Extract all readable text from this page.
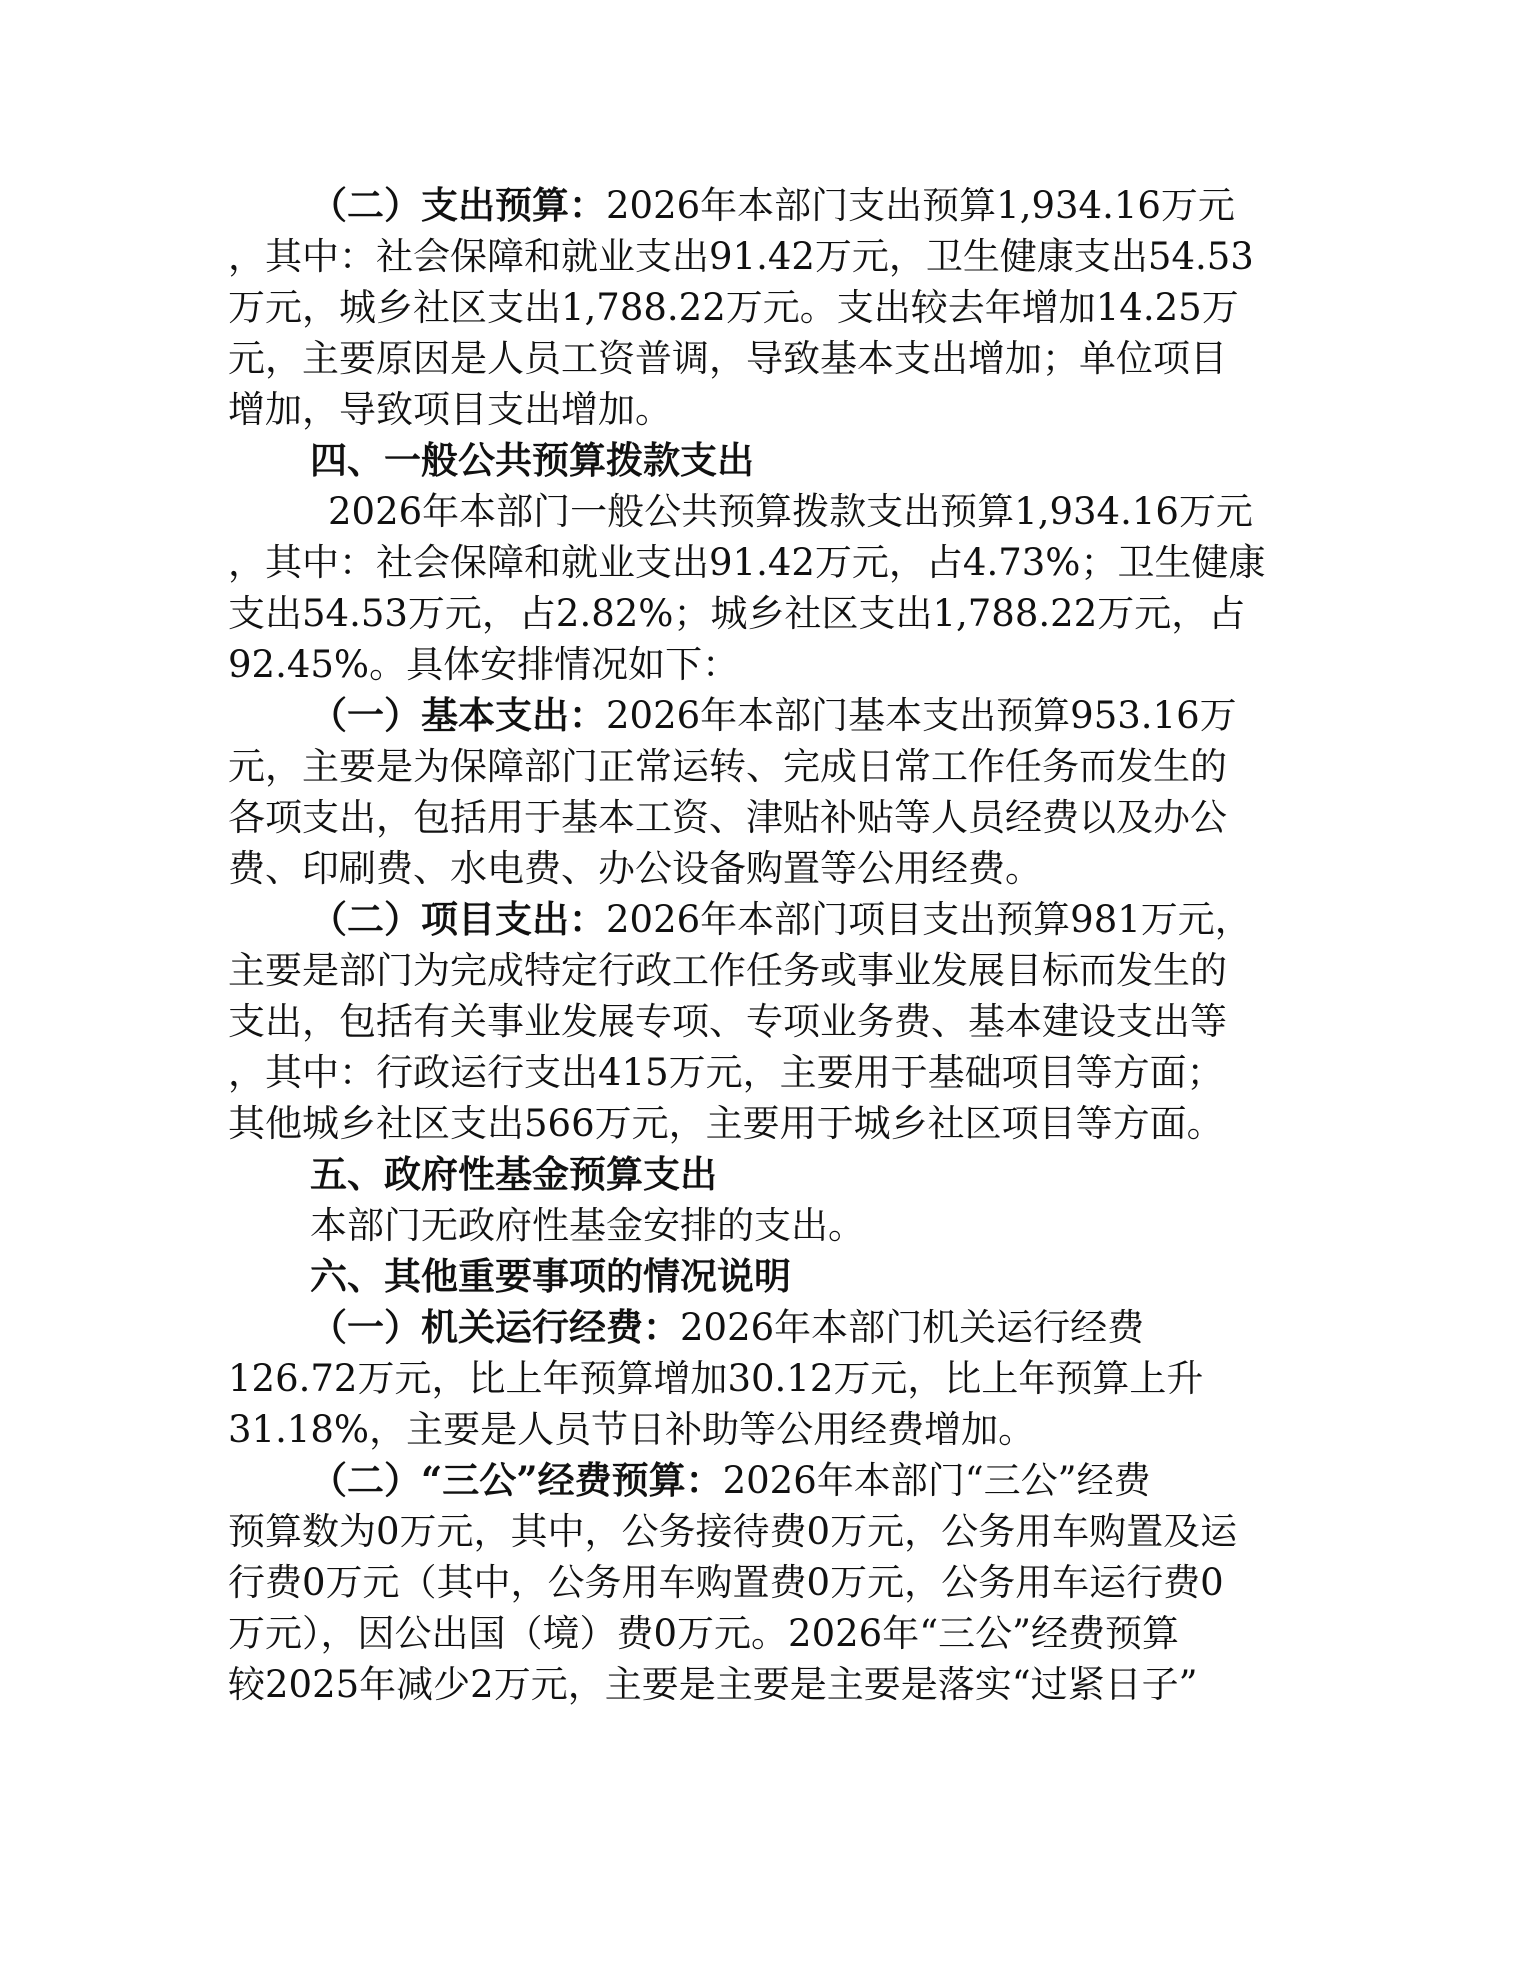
（二）支出预算：2026年本部门支出预算1,934.16万元
，其中：社会保障和就业支出91.42万元，卫生健康支出54.53
万元，城乡社区支出1,788.22万元。支出较去年增加14.25万
元，主要原因是人员工资普调，导致基本支出增加；单位项目
增加，导致项目支出增加。
四、一般公共预算拨款支出
2026年本部门一般公共预算拨款支出预算1,934.16万元
，其中：社会保障和就业支出91.42万元，占4.73%；卫生健康
支出54.53万元，占2.82%；城乡社区支出1,788.22万元，占
92.45%。具体安排情况如下：
（一）基本支出：2026年本部门基本支出预算953.16万
元，主要是为保障部门正常运转、完成日常工作任务而发生的
各项支出，包括用于基本工资、津贴补贴等人员经费以及办公
费、印刷费、水电费、办公设备购置等公用经费。
（二）项目支出：2026年本部门项目支出预算981万元，
主要是部门为完成特定行政工作任务或事业发展目标而发生的
支出，包括有关事业发展专项、专项业务费、基本建设支出等
，其中：行政运行支出415万元，主要用于基础项目等方面；
其他城乡社区支出566万元，主要用于城乡社区项目等方面。
五、政府性基金预算支出
本部门无政府性基金安排的支出。
六、其他重要事项的情况说明
（一）机关运行经费：2026年本部门机关运行经费
126.72万元，比上年预算增加30.12万元，比上年预算上升
31.18%，主要是人员节日补助等公用经费增加。
（二）“三公”经费预算：2026年本部门“三公”经费
预算数为0万元，其中，公务接待费0万元，公务用车购置及运
行费0万元（其中，公务用车购置费0万元，公务用车运行费0
万元），因公出国（境）费0万元。2026年“三公”经费预算
较2025年减少2万元，主要是主要是主要是落实“过紧日子”
